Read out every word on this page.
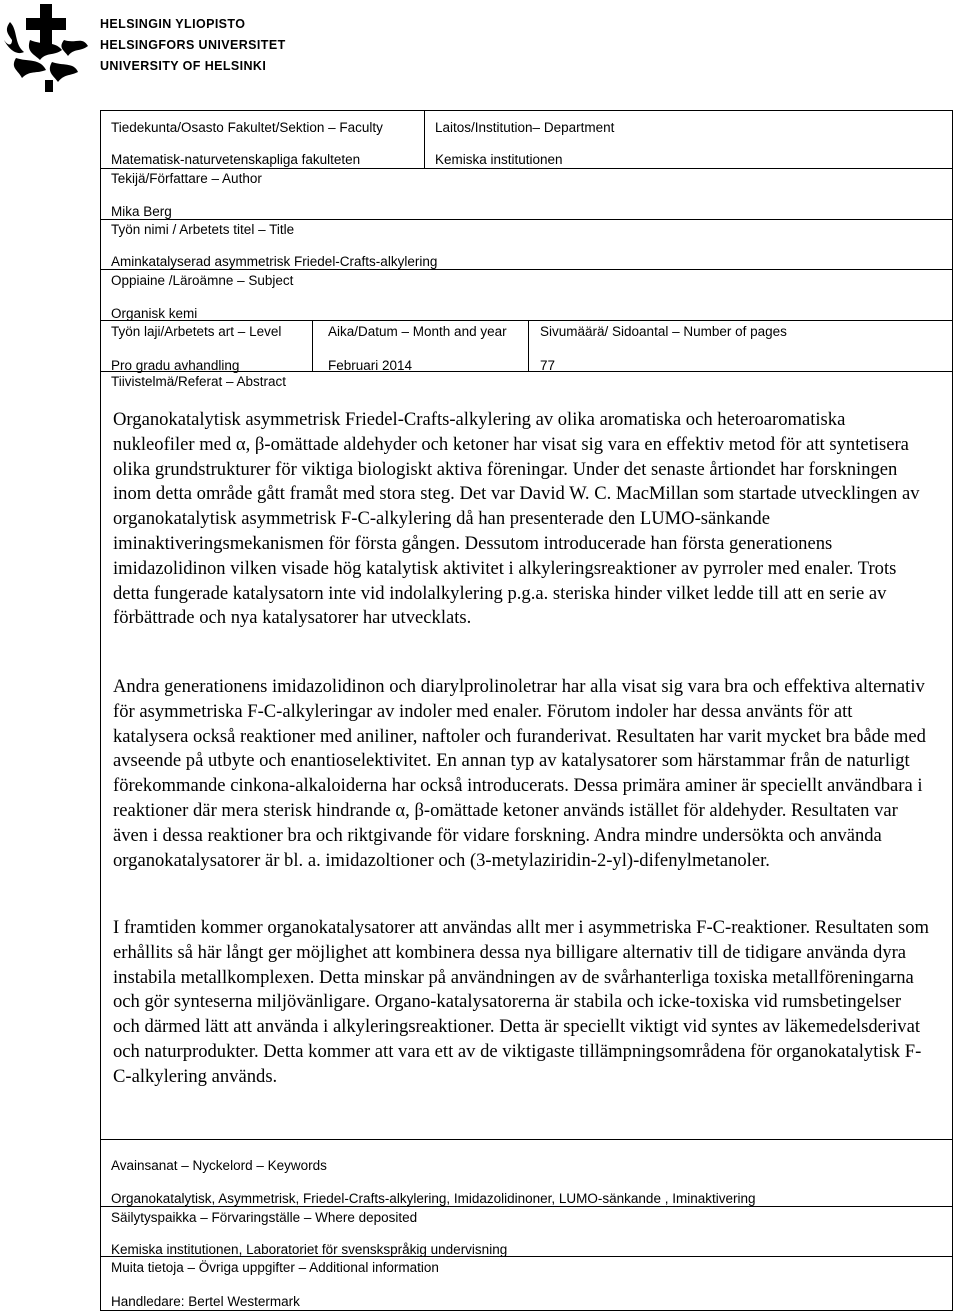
HELSINGIN YLIOPISTO
HELSINGFORS UNIVERSITET
UNIVERSITY OF HELSINKI
Tiedekunta/Osasto Fakultet/Sektion – Faculty
Matematisk-naturvetenskapliga fakulteten
Laitos/Institution– Department
Kemiska institutionen
Tekijä/Författare – Author
Mika Berg
Työn nimi / Arbetets titel – Title
Aminkatalyserad asymmetrisk Friedel-Crafts-alkylering
Oppiaine /Läroämne – Subject
Organisk kemi
Työn laji/Arbetets art – Level
Pro gradu avhandling
Aika/Datum – Month and year
Februari 2014
Sivumäärä/ Sidoantal – Number of pages
77
Tiivistelmä/Referat – Abstract
Organokatalytisk asymmetrisk Friedel-Crafts-alkylering av olika aromatiska och heteroaromatiska nukleofiler med α, β-omättade aldehyder och ketoner har visat sig vara en effektiv metod för att syntetisera olika grundstrukturer för viktiga biologiskt aktiva föreningar. Under det senaste årtiondet har forskningen inom detta område gått framåt med stora steg. Det var David W. C. MacMillan som startade utvecklingen av organokatalytisk asymmetrisk F-C-alkylering då han presenterade den LUMO-sänkande iminaktiveringsmekanismen för första gången. Dessutom introducerade han första generationens imidazolidinon vilken visade hög katalytisk aktivitet i alkyleringsreaktioner av pyrroler med enaler. Trots detta fungerade katalysatorn inte vid indolalkylering p.g.a. steriska hinder vilket ledde till att en serie av förbättrade och nya katalysatorer har utvecklats.
Andra generationens imidazolidinon och diarylprolinoletrar har alla visat sig vara bra och effektiva alternativ för asymmetriska F-C-alkyleringar av indoler med enaler. Förutom indoler har dessa använts för att katalysera också reaktioner med aniliner, naftoler och furanderivat. Resultaten har varit mycket bra både med avseende på utbyte och enantioselektivitet. En annan typ av katalysatorer som härstammar från de naturligt förekommande cinkona-alkaloiderna har också introducerats. Dessa primära aminer är speciellt användbara i reaktioner där mera sterisk hindrande α, β-omättade ketoner används istället för aldehyder. Resultaten var även i dessa reaktioner bra och riktgivande för vidare forskning. Andra mindre undersökta och använda organokatalysatorer är bl. a. imidazoltioner och (3-metylaziridin-2-yl)-difenylmetanoler.
I framtiden kommer organokatalysatorer att användas allt mer i asymmetriska F-C-reaktioner. Resultaten som erhållits så här långt ger möjlighet att kombinera dessa nya billigare alternativ till de tidigare använda dyra instabila metallkomplexen. Detta minskar på användningen av de svårhanterliga toxiska metallföreningarna och gör synteserna miljövänligare. Organo-katalysatorerna är stabila och icke-toxiska vid rumsbetingelser och därmed lätt att använda i alkyleringsreaktioner. Detta är speciellt viktigt vid syntes av läkemedelsderivat och naturprodukter. Detta kommer att vara ett av de viktigaste tillämpningsområdena för organokatalytisk F-C-alkylering används.
Avainsanat – Nyckelord – Keywords
Organokatalytisk, Asymmetrisk, Friedel-Crafts-alkylering, Imidazolidinoner, LUMO-sänkande , Iminaktivering
Säilytyspaikka – Förvaringställe – Where deposited
Kemiska institutionen, Laboratoriet för svenskspråkig undervisning
Muita tietoja – Övriga uppgifter – Additional information
Handledare: Bertel Westermark
